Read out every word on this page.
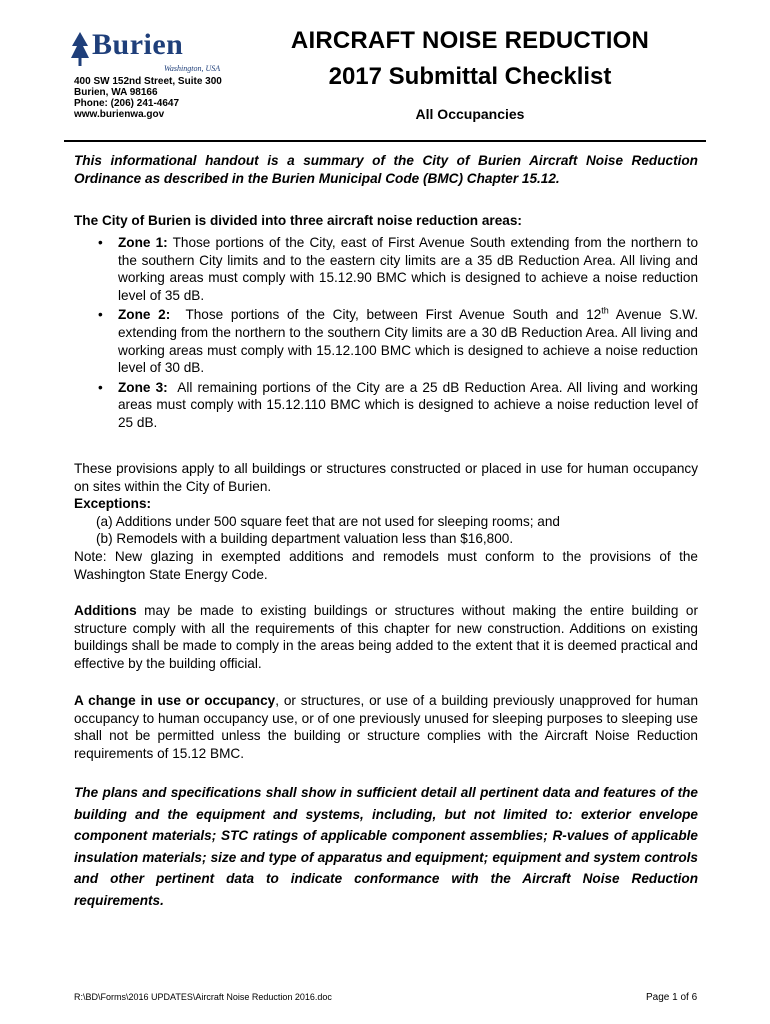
Burien
Washington, USA
400 SW 152nd Street, Suite 300
Burien, WA 98166
Phone: (206) 241-4647
www.burienwa.gov
AIRCRAFT NOISE REDUCTION
2017 Submittal Checklist
All Occupancies
This informational handout is a summary of the City of Burien Aircraft Noise Reduction Ordinance as described in the Burien Municipal Code (BMC) Chapter 15.12.
The City of Burien is divided into three aircraft noise reduction areas:
• Zone 1: Those portions of the City, east of First Avenue South extending from the northern to the southern City limits and to the eastern city limits are a 35 dB Reduction Area. All living and working areas must comply with 15.12.90 BMC which is designed to achieve a noise reduction level of 35 dB.
• Zone 2: Those portions of the City, between First Avenue South and 12th Avenue S.W. extending from the northern to the southern City limits are a 30 dB Reduction Area. All living and working areas must comply with 15.12.100 BMC which is designed to achieve a noise reduction level of 30 dB.
• Zone 3: All remaining portions of the City are a 25 dB Reduction Area. All living and working areas must comply with 15.12.110 BMC which is designed to achieve a noise reduction level of 25 dB.
These provisions apply to all buildings or structures constructed or placed in use for human occupancy on sites within the City of Burien.
Exceptions:
(a) Additions under 500 square feet that are not used for sleeping rooms; and
(b) Remodels with a building department valuation less than $16,800.
Note: New glazing in exempted additions and remodels must conform to the provisions of the Washington State Energy Code.
Additions may be made to existing buildings or structures without making the entire building or structure comply with all the requirements of this chapter for new construction. Additions on existing buildings shall be made to comply in the areas being added to the extent that it is deemed practical and effective by the building official.
A change in use or occupancy, or structures, or use of a building previously unapproved for human occupancy to human occupancy use, or of one previously unused for sleeping purposes to sleeping use shall not be permitted unless the building or structure complies with the Aircraft Noise Reduction requirements of 15.12 BMC.
The plans and specifications shall show in sufficient detail all pertinent data and features of the building and the equipment and systems, including, but not limited to: exterior envelope component materials; STC ratings of applicable component assemblies; R-values of applicable insulation materials; size and type of apparatus and equipment; equipment and system controls and other pertinent data to indicate conformance with the Aircraft Noise Reduction requirements.
R:\BD\Forms\2016 UPDATES\Aircraft Noise Reduction 2016.doc	Page 1 of 6
